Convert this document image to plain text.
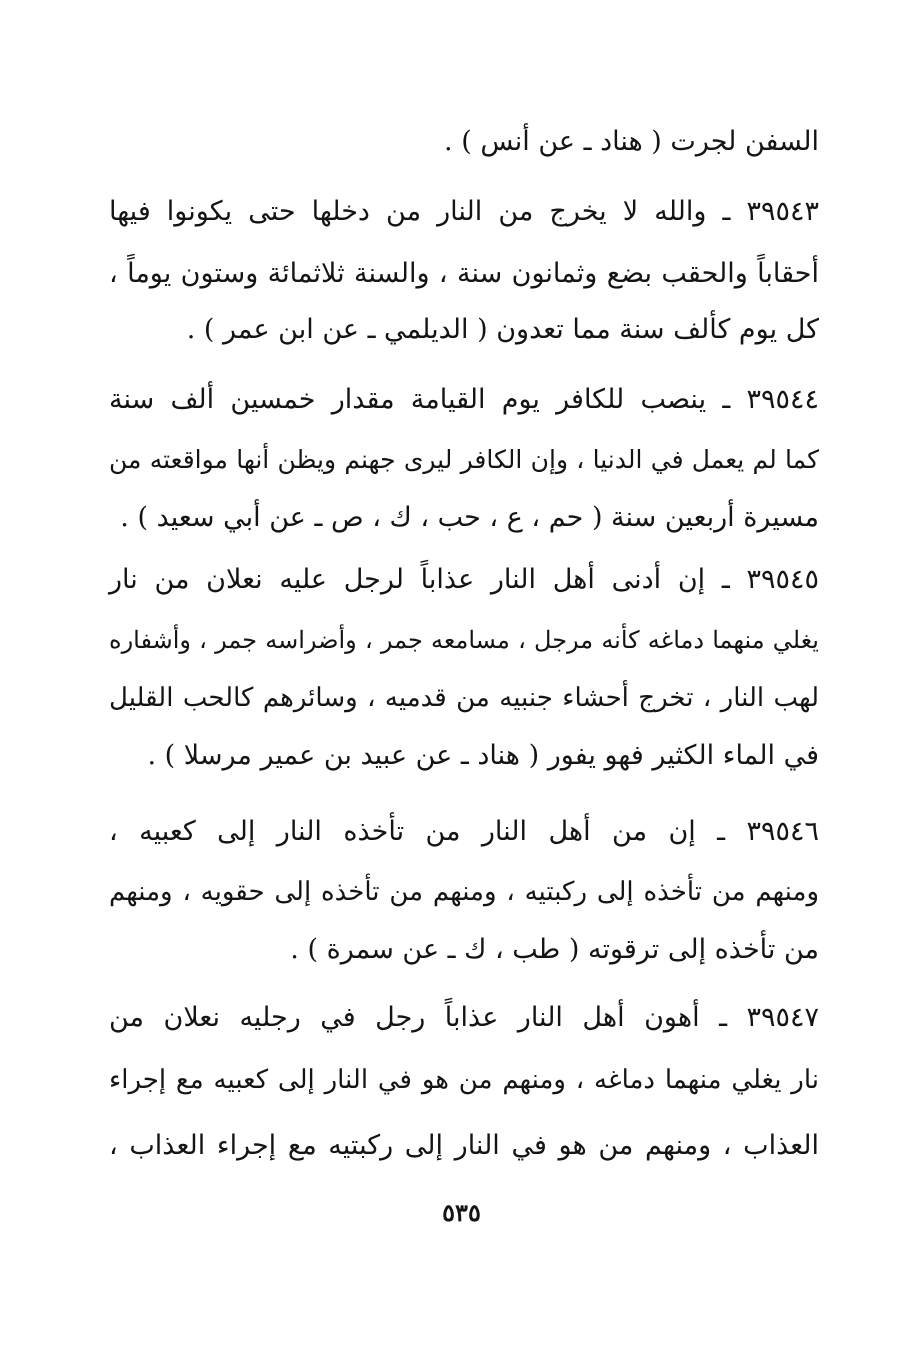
السفن لجرت ( هناد ـ عن أنس ) .
٣٩٥٤٣ ـ والله لا يخرج من النار من دخلها حتى يكونوا فيها
أحقاباً والحقب بضع وثمانون سنة ، والسنة ثلاثمائة وستون يوماً ،
كل يوم كألف سنة مما تعدون ( الديلمي ـ عن ابن عمر ) .
٣٩٥٤٤ ـ ينصب للكافر يوم القيامة مقدار خمسين ألف سنة
كما لم يعمل في الدنيا ، وإن الكافر ليرى جهنم ويظن أنها مواقعته من
مسيرة أربعين سنة ( حم ، ع ، حب ، ك ، ص ـ عن أبي سعيد ) .
٣٩٥٤٥ ـ إن أدنى أهل النار عذاباً لرجل عليه نعلان من نار
يغلي منهما دماغه كأنه مرجل ، مسامعه جمر ، وأضراسه جمر ، وأشفاره
لهب النار ، تخرج أحشاء جنبيه من قدميه ، وسائرهم كالحب القليل
في الماء الكثير فهو يفور ( هناد ـ عن عبيد بن عمير مرسلا ) .
٣٩٥٤٦ ـ إن من أهل النار من تأخذه النار إلى كعبيه ،
ومنهم من تأخذه إلى ركبتيه ، ومنهم من تأخذه إلى حقويه ، ومنهم
من تأخذه إلى ترقوته ( طب ، ك ـ عن سمرة ) .
٣٩٥٤٧ ـ أهون أهل النار عذاباً رجل في رجليه نعلان من
نار يغلي منهما دماغه ، ومنهم من هو في النار إلى كعبيه مع إجراء
العذاب ، ومنهم من هو في النار إلى ركبتيه مع إجراء العذاب ،
٥٣٥
